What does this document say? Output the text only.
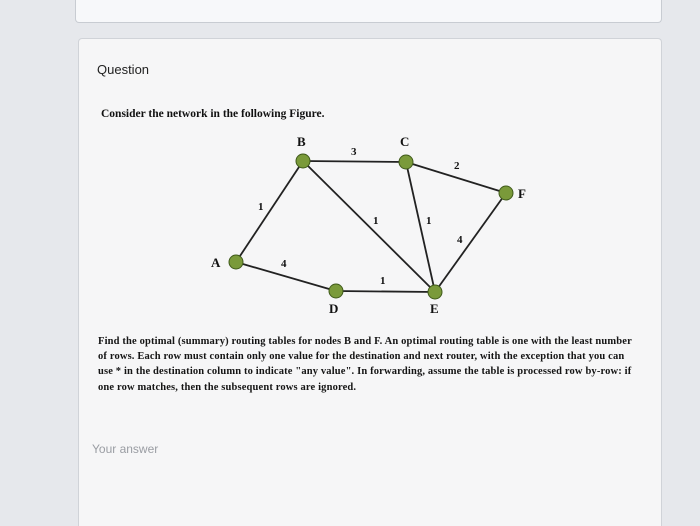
Question
Consider the network in the following Figure.
1
3
2
4
1	1
4
1
A
B	C
D	E
F

Find the optimal (summary) routing tables for nodes B and F. An optimal routing table is one with the least number of rows. Each row must contain only one value for the destination and next router, with the exception that you can use * in the destination column to indicate "any value". In forwarding, assume the table is processed row by-row: if one row matches, then the subsequent rows are ignored.

Your answer
